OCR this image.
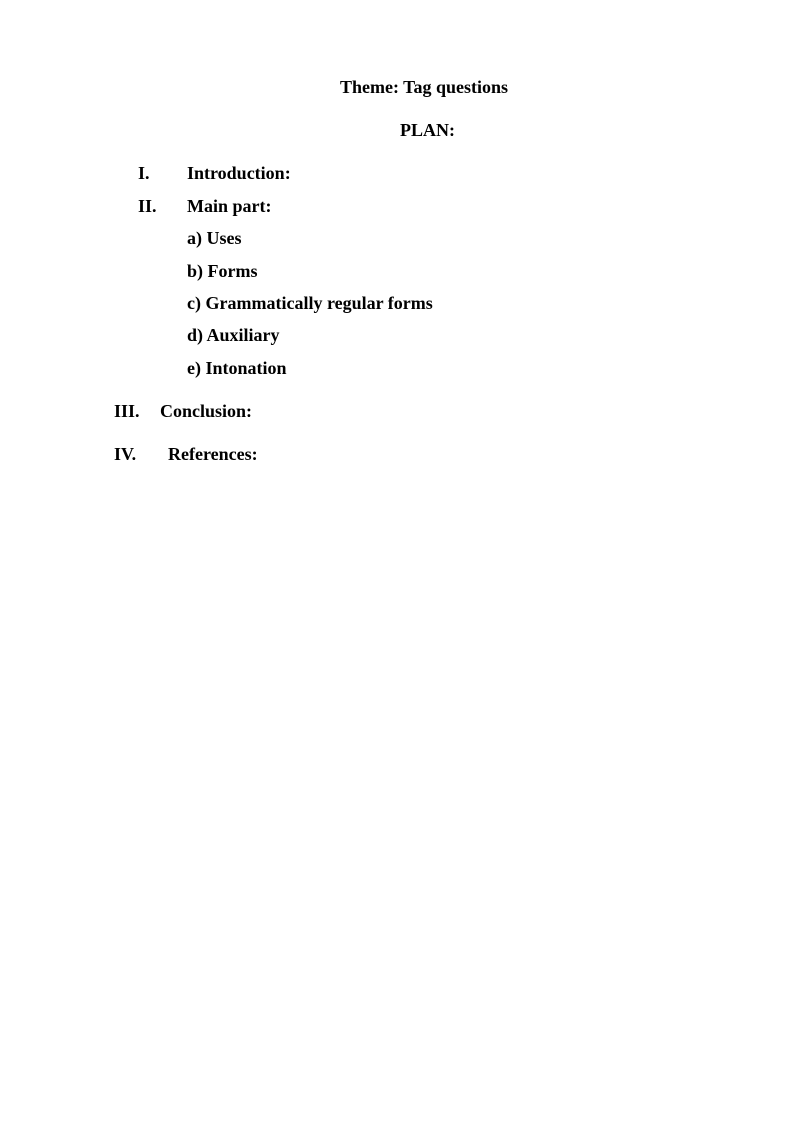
Theme: Tag questions
PLAN:
I. Introduction:
II. Main part:
a) Uses
b) Forms
c) Grammatically regular forms
d) Auxiliary
e) Intonation
III. Conclusion:
IV. References:
